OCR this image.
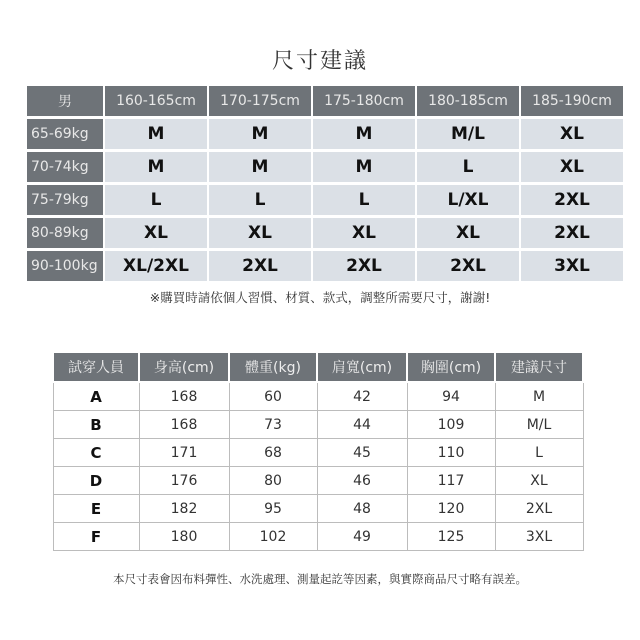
尺寸建議
男	160-165cm	170-175cm	175-180cm	180-185cm	185-190cm
65-69kg	M	M	M	M/L	XL
70-74kg	M	M	M	L	XL
75-79kg	L	L	L	L/XL	2XL
80-89kg	XL	XL	XL	XL	2XL
90-100kg	XL/2XL	2XL	2XL	2XL	3XL
※購買時請依個人習慣、材質、款式，調整所需要尺寸，謝謝!
試穿人員	身高(cm)	體重(kg)	肩寬(cm)	胸圍(cm)	建議尺寸
A	168	60	42	94	M
B	168	73	44	109	M/L
C	171	68	45	110	L
D	176	80	46	117	XL
E	182	95	48	120	2XL
F	180	102	49	125	3XL
本尺寸表會因布料彈性、水洗處理、測量起訖等因素，與實際商品尺寸略有誤差。
